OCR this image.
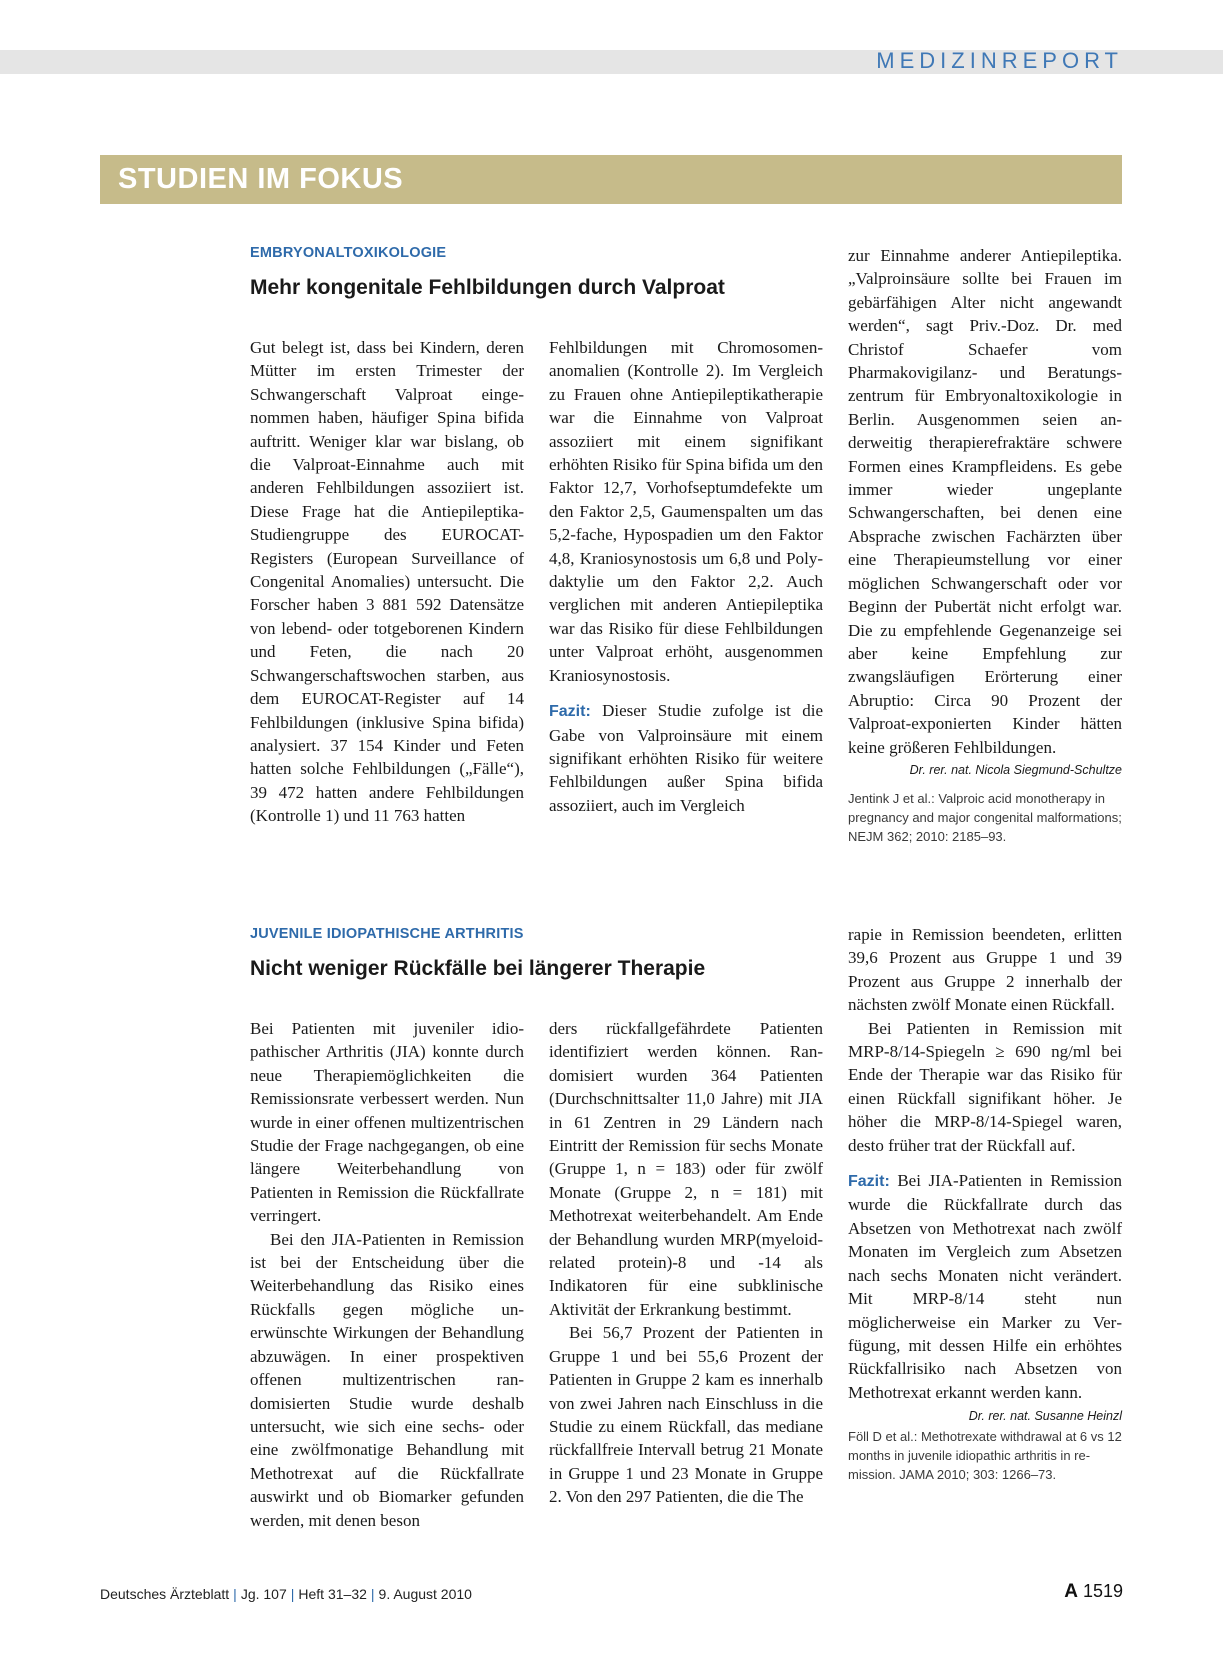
MEDIZINREPORT
STUDIEN IM FOKUS
EMBRYONALTOXIKOLOGIE
Mehr kongenitale Fehlbildungen durch Valproat

Gut belegt ist, dass bei Kindern, deren Mütter im ersten Trimester der Schwangerschaft Valproat eingenommen haben, häufiger Spina bifida auftritt. Weniger klar war bislang, ob die Valproat-Einnahme auch mit anderen Fehlbildungen assoziiert ist. Diese Frage hat die Antiepileptika-Studiengruppe des EUROCAT-Registers (European Surveillance of Congenital Anomalies) untersucht. Die Forscher haben 3 881 592 Datensätze von lebend- oder totgeborenen Kindern und Feten, die nach 20 Schwangerschaftswochen starben, aus dem EUROCAT-Register auf 14 Fehlbildungen (inklusive Spina bifida) analysiert. 37 154 Kinder und Feten hatten solche Fehlbildungen („Fälle“), 39 472 hatten andere Fehlbildungen (Kontrolle 1) und 11 763 hatten

Fehlbildungen mit Chromosomenanomalien (Kontrolle 2). Im Vergleich zu Frauen ohne Antiepileptikatherapie war die Einnahme von Valproat assoziiert mit einem signifikant erhöhten Risiko für Spina bifida um den Faktor 12,7, Vorhofseptumdefekte um den Faktor 2,5, Gaumenspalten um das 5,2-fache, Hypospadien um den Faktor 4,8, Kraniosynostosis um 6,8 und Polydaktylie um den Faktor 2,2. Auch verglichen mit anderen Antiepileptika war das Risiko für diese Fehlbildungen unter Valproat erhöht, ausgenommen Kraniosynostosis.

Fazit: Dieser Studie zufolge ist die Gabe von Valproinsäure mit einem signifikant erhöhten Risiko für weitere Fehlbildungen außer Spina bifida assoziiert, auch im Vergleich

zur Einnahme anderer Antiepileptika. „Valproinsäure sollte bei Frauen im gebärfähigen Alter nicht angewandt werden“, sagt Priv.-Doz. Dr. med Christof Schaefer vom Pharmakovigilanz- und Beratungszentrum für Embryonaltoxikologie in Berlin. Ausgenommen seien anderweitig therapierefraktäre schwere Formen eines Krampfleidens. Es gebe immer wieder ungeplante Schwangerschaften, bei denen eine Absprache zwischen Fachärzten über eine Therapieumstellung vor einer möglichen Schwangerschaft oder vor Beginn der Pubertät nicht erfolgt war. Die zu empfehlende Gegenanzeige sei aber keine Empfehlung zur zwangsläufigen Erörterung einer Abruptio: Circa 90 Prozent der Valproat-exponierten Kinder hätten keine größeren Fehlbildungen.

Dr. rer. nat. Nicola Siegmund-Schultze
Jentink J et al.: Valproic acid monotherapy in pregnancy and major congenital malformations; NEJM 362; 2010: 2185–93.
JUVENILE IDIOPATHISCHE ARTHRITIS
Nicht weniger Rückfälle bei längerer Therapie

Bei Patienten mit juveniler idiopathischer Arthritis (JIA) konnte durch neue Therapiemöglichkeiten die Remissionsrate verbessert werden. Nun wurde in einer offenen multizentrischen Studie der Frage nachgegangen, ob eine längere Weiterbehandlung von Patienten in Remission die Rückfallrate verringert.

Bei den JIA-Patienten in Remission ist bei der Entscheidung über die Weiterbehandlung das Risiko eines Rückfalls gegen mögliche unerwünschte Wirkungen der Behandlung abzuwägen. In einer prospektiven offenen multizentrischen randomisierten Studie wurde deshalb untersucht, wie sich eine sechs- oder eine zwölfmonatige Behandlung mit Methotrexat auf die Rückfallrate auswirkt und ob Biomarker gefunden werden, mit denen beson

ders rückfallgefährdete Patienten identifiziert werden können. Randomisiert wurden 364 Patienten (Durchschnittsalter 11,0 Jahre) mit JIA in 61 Zentren in 29 Ländern nach Eintritt der Remission für sechs Monate (Gruppe 1, n = 183) oder für zwölf Monate (Gruppe 2, n = 181) mit Methotrexat weiterbehandelt. Am Ende der Behandlung wurden MRP(myeloid-related protein)-8 und -14 als Indikatoren für eine subklinische Aktivität der Erkrankung bestimmt.

Bei 56,7 Prozent der Patienten in Gruppe 1 und bei 55,6 Prozent der Patienten in Gruppe 2 kam es innerhalb von zwei Jahren nach Einschluss in die Studie zu einem Rückfall, das mediane rückfallfreie Intervall betrug 21 Monate in Gruppe 1 und 23 Monate in Gruppe 2. Von den 297 Patienten, die die The

rapie in Remission beendeten, erlitten 39,6 Prozent aus Gruppe 1 und 39 Prozent aus Gruppe 2 innerhalb der nächsten zwölf Monate einen Rückfall.

Bei Patienten in Remission mit MRP-8/14-Spiegeln ≥ 690 ng/ml bei Ende der Therapie war das Risiko für einen Rückfall signifikant höher. Je höher die MRP-8/14-Spiegel waren, desto früher trat der Rückfall auf.

Fazit: Bei JIA-Patienten in Remission wurde die Rückfallrate durch das Absetzen von Methotrexat nach zwölf Monaten im Vergleich zum Absetzen nach sechs Monaten nicht verändert. Mit MRP-8/14 steht nun möglicherweise ein Marker zu Verfügung, mit dessen Hilfe ein erhöhtes Rückfallrisiko nach Absetzen von Methotrexat erkannt werden kann.
Dr. rer. nat. Susanne Heinzl

Föll D et al.: Methotrexate withdrawal at 6 vs 12 months in juvenile idiopathic arthritis in remission. JAMA 2010; 303: 1266–73.
Deutsches Ärzteblatt | Jg. 107 | Heft 31–32 | 9. August 2010	A 1519
